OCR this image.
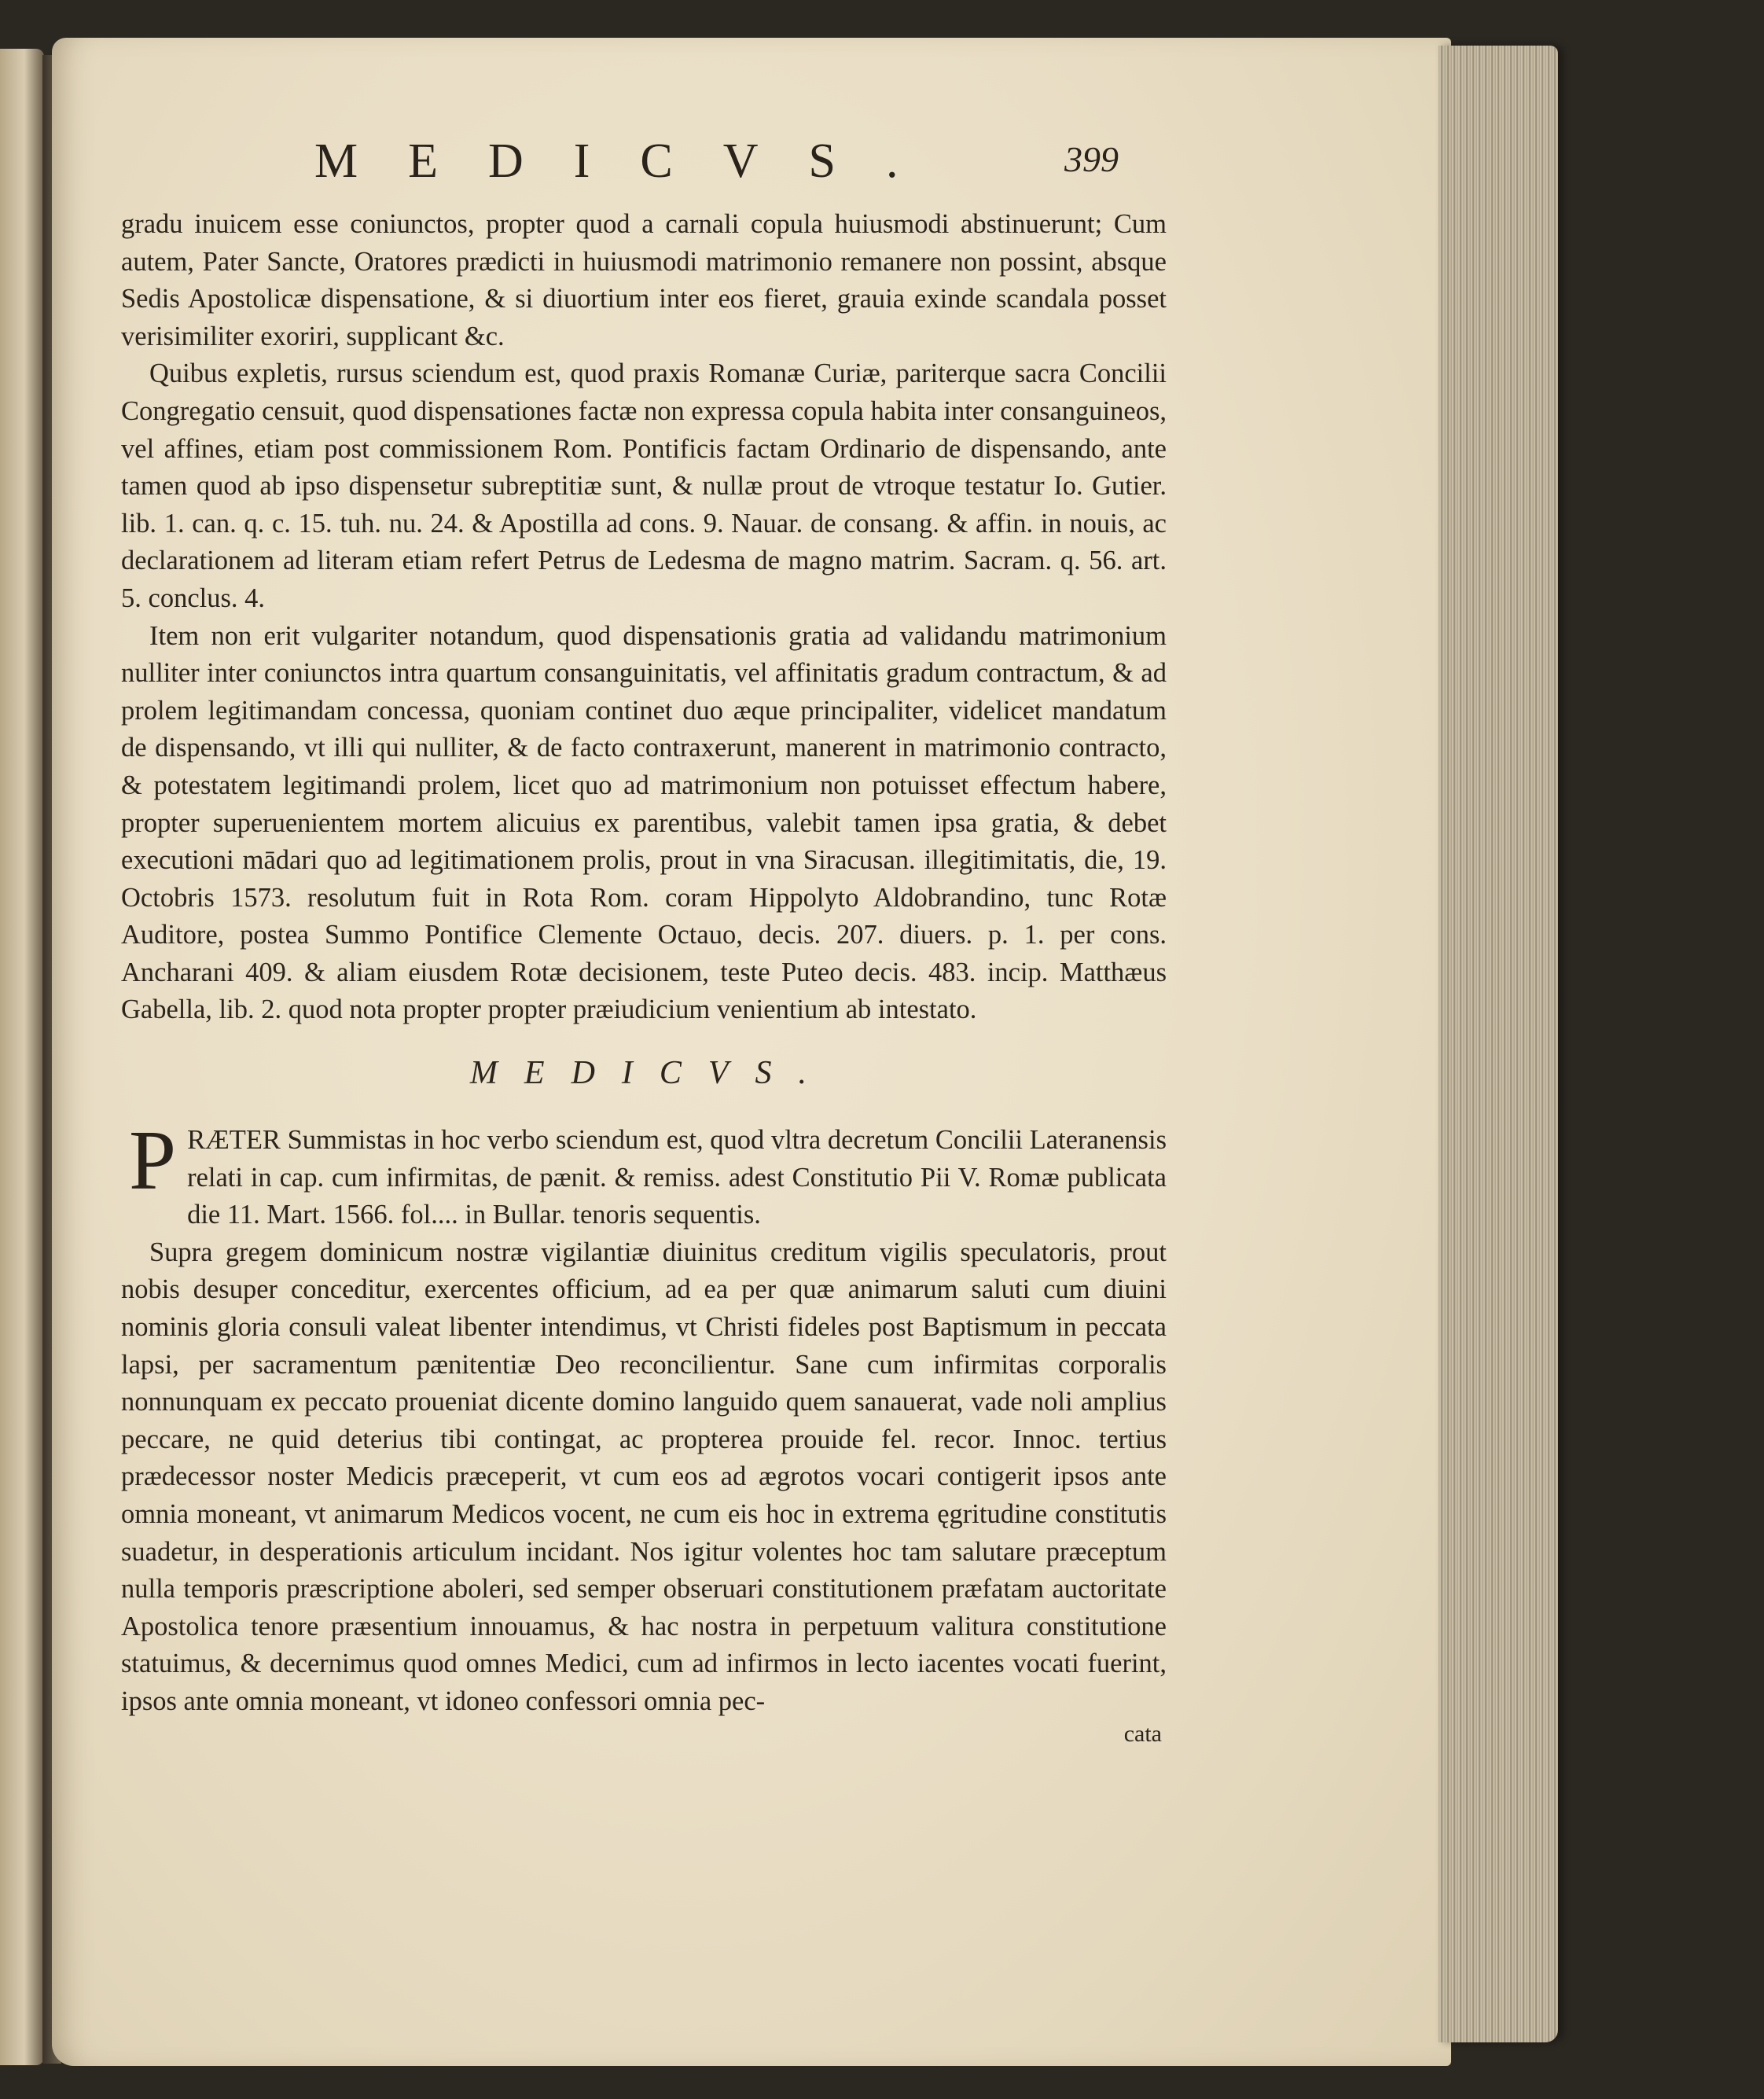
MEDICVS.	399

gradu inuicem esse coniunctos, propter quod a carnali copula huiusmodi abstinuerunt; Cum autem, Pater Sancte, Oratores prædicti in huiusmodi matrimonio remanere non possint, absque Sedis Apostolicæ dispensatione, & si diuortium inter eos fieret, grauia exinde scandala posset verisimiliter exoriri, supplicant &c.

Quibus expletis, rursus sciendum est, quod praxis Romanæ Curiæ, pariterque sacra Concilii Congregatio censuit, quod dispensationes factæ non expressa copula habita inter consanguineos, vel affines, etiam post commissionem Rom. Pontificis factam Ordinario de dispensando, ante tamen quod ab ipso dispensetur subreptitiæ sunt, & nullæ prout de vtroque testatur Io. Gutier. lib. 1. can. q. c. 15. tuh. nu. 24. & Apostilla ad cons. 9. Nauar. de consang. & affin. in nouis, ac declarationem ad literam etiam refert Petrus de Ledesma de magno matrim. Sacram. q. 56. art. 5. conclus. 4.

Item non erit vulgariter notandum, quod dispensationis gratia ad validandu matrimonium nulliter inter coniunctos intra quartum consanguinitatis, vel affinitatis gradum contractum, & ad prolem legitimandam concessa, quoniam continet duo æque principaliter, videlicet mandatum de dispensando, vt illi qui nulliter, & de facto contraxerunt, manerent in matrimonio contracto, & potestatem legitimandi prolem, licet quo ad matrimonium non potuisset effectum habere, propter superuenientem mortem alicuius ex parentibus, valebit tamen ipsa gratia, & debet executioni mādari quo ad legitimationem prolis, prout in vna Siracusan. illegitimitatis, die, 19. Octobris 1573. resolutum fuit in Rota Rom. coram Hippolyto Aldobrandino, tunc Rotæ Auditore, postea Summo Pontifice Clemente Octauo, decis. 207. diuers. p. 1. per cons. Ancharani 409. & aliam eiusdem Rotæ decisionem, teste Puteo decis. 483. incip. Matthæus Gabella, lib. 2. quod nota propter propter præiudicium venientium ab intestato.

MEDICVS.
P RÆTER Summistas in hoc verbo sciendum est, quod vltra decretum Concilii Lateranensis relati in cap. cum infirmitas, de pænit. & remiss. adest Constitutio Pii V. Romæ publicata die 11. Mart. 1566. fol.... in Bullar. tenoris sequentis.

Supra gregem dominicum nostræ vigilantiæ diuinitus creditum vigilis speculatoris, prout nobis desuper conceditur, exercentes officium, ad ea per quæ animarum saluti cum diuini nominis gloria consuli valeat libenter intendimus, vt Christi fideles post Baptismum in peccata lapsi, per sacramentum pænitentiæ Deo reconcilientur. Sane cum infirmitas corporalis nonnunquam ex peccato proueniat dicente domino languido quem sanauerat, vade noli amplius peccare, ne quid deterius tibi contingat, ac propterea prouide fel. recor. Innoc. tertius prædecessor noster Medicis præceperit, vt cum eos ad ægrotos vocari contigerit ipsos ante omnia moneant, vt animarum Medicos vocent, ne cum eis hoc in extrema ęgritudine constitutis suadetur, in desperationis articulum incidant. Nos igitur volentes hoc tam salutare præceptum nulla temporis præscriptione aboleri, sed semper obseruari constitutionem præfatam auctoritate Apostolica tenore præsentium innouamus, & hac nostra in perpetuum valitura constitutione statuimus, & decernimus quod omnes Medici, cum ad infirmos in lecto iacentes vocati fuerint, ipsos ante omnia moneant, vt idoneo confessori omnia pec-

cata
